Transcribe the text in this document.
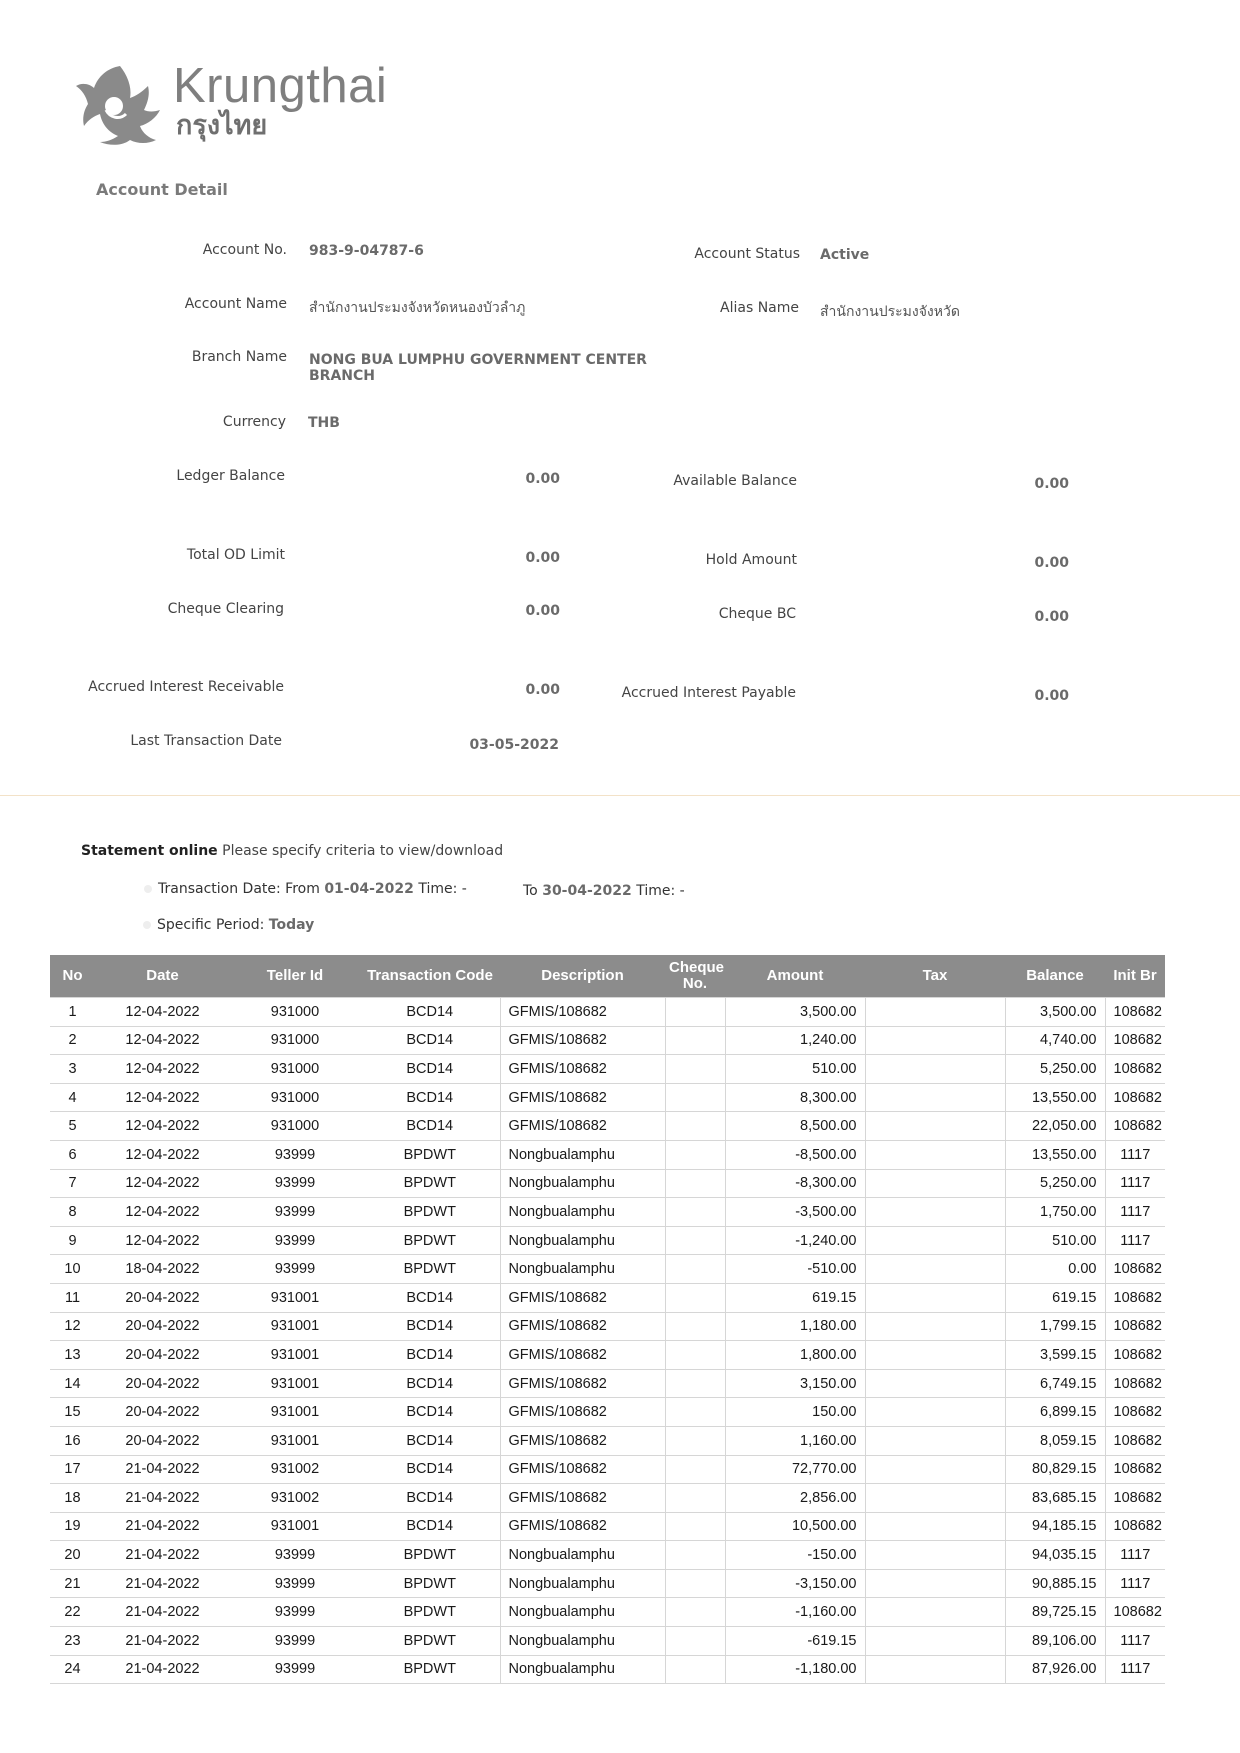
Krungthai
กรุงไทย
Account Detail
Account No. 983-9-04787-6	Account Status Active
Account Name สำนักงานประมงจังหวัดหนองบัวลำภู	Alias Name สำนักงานประมงจังหวัด
Branch Name NONG BUA LUMPHU GOVERNMENT CENTER
BRANCH
Currency THB
Ledger Balance	0.00	Available Balance	0.00
Total OD Limit	0.00	Hold Amount	0.00
Cheque Clearing	0.00	Cheque BC	0.00
Accrued Interest Receivable	0.00	Accrued Interest Payable	0.00
Last Transaction Date	03-05-2022
Statement online Please specify criteria to view/download
Transaction Date: From 01-04-2022 Time: -	To 30-04-2022 Time: -
Specific Period: Today
No	Date	Teller Id	Transaction Code	Description	Cheque No.	Amount	Tax	Balance	Init Br
1	12-04-2022	931000	BCD14	GFMIS/108682		3,500.00		3,500.00	108682
2	12-04-2022	931000	BCD14	GFMIS/108682		1,240.00		4,740.00	108682
3	12-04-2022	931000	BCD14	GFMIS/108682		510.00		5,250.00	108682
4	12-04-2022	931000	BCD14	GFMIS/108682		8,300.00		13,550.00	108682
5	12-04-2022	931000	BCD14	GFMIS/108682		8,500.00		22,050.00	108682
6	12-04-2022	93999	BPDWT	Nongbualamphu		-8,500.00		13,550.00	1117
7	12-04-2022	93999	BPDWT	Nongbualamphu		-8,300.00		5,250.00	1117
8	12-04-2022	93999	BPDWT	Nongbualamphu		-3,500.00		1,750.00	1117
9	12-04-2022	93999	BPDWT	Nongbualamphu		-1,240.00		510.00	1117
10	18-04-2022	93999	BPDWT	Nongbualamphu		-510.00		0.00	108682
11	20-04-2022	931001	BCD14	GFMIS/108682		619.15		619.15	108682
12	20-04-2022	931001	BCD14	GFMIS/108682		1,180.00		1,799.15	108682
13	20-04-2022	931001	BCD14	GFMIS/108682		1,800.00		3,599.15	108682
14	20-04-2022	931001	BCD14	GFMIS/108682		3,150.00		6,749.15	108682
15	20-04-2022	931001	BCD14	GFMIS/108682		150.00		6,899.15	108682
16	20-04-2022	931001	BCD14	GFMIS/108682		1,160.00		8,059.15	108682
17	21-04-2022	931002	BCD14	GFMIS/108682		72,770.00		80,829.15	108682
18	21-04-2022	931002	BCD14	GFMIS/108682		2,856.00		83,685.15	108682
19	21-04-2022	931001	BCD14	GFMIS/108682		10,500.00		94,185.15	108682
20	21-04-2022	93999	BPDWT	Nongbualamphu		-150.00		94,035.15	1117
21	21-04-2022	93999	BPDWT	Nongbualamphu		-3,150.00		90,885.15	1117
22	21-04-2022	93999	BPDWT	Nongbualamphu		-1,160.00		89,725.15	108682
23	21-04-2022	93999	BPDWT	Nongbualamphu		-619.15		89,106.00	1117
24	21-04-2022	93999	BPDWT	Nongbualamphu		-1,180.00		87,926.00	1117
